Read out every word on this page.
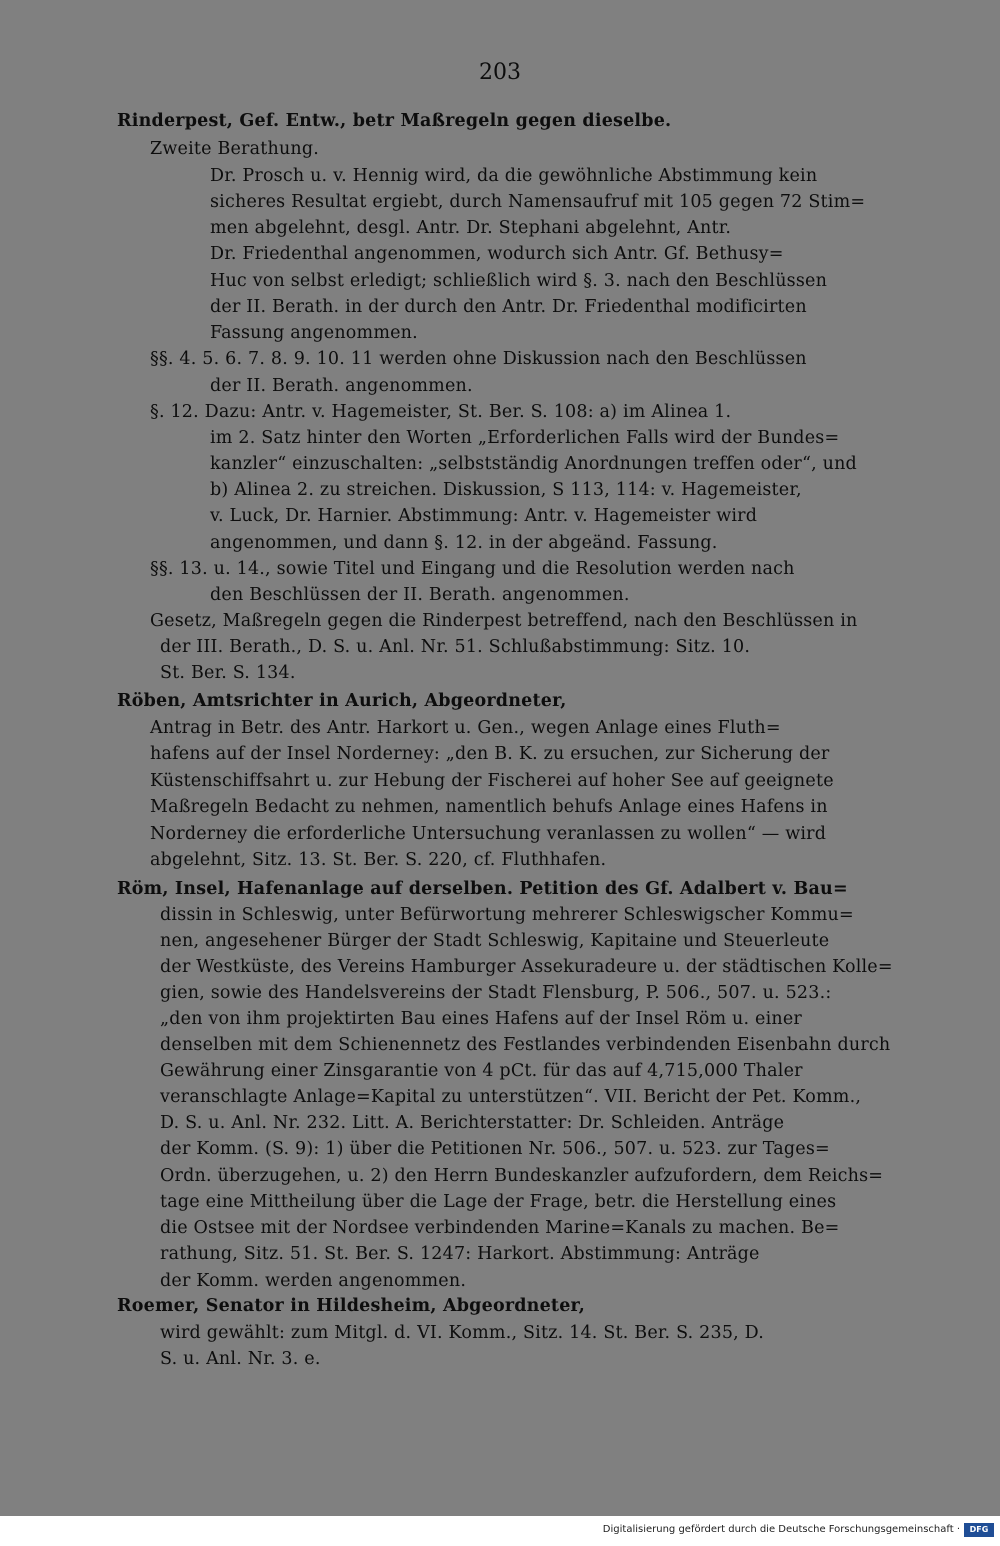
203
Rinderpest, Gef. Entw., betr Maßregeln gegen dieselbe.
Zweite Berathung.
Dr. Prosch u. v. Hennig wird, da die gewöhnliche Abstimmung kein
sicheres Resultat ergiebt, durch Namensaufruf mit 105 gegen 72 Stim=
men abgelehnt, desgl. Antr. Dr. Stephani abgelehnt, Antr.
Dr. Friedenthal angenommen, wodurch sich Antr. Gf. Bethusy=
Huc von selbst erledigt; schließlich wird §. 3. nach den Beschlüssen
der II. Berath. in der durch den Antr. Dr. Friedenthal modificirten
Fassung angenommen.
§§. 4. 5. 6. 7. 8. 9. 10. 11 werden ohne Diskussion nach den Beschlüssen
der II. Berath. angenommen.
§. 12. Dazu: Antr. v. Hagemeister, St. Ber. S. 108: a) im Alinea 1.
im 2. Satz hinter den Worten „Erforderlichen Falls wird der Bundes=
kanzler“ einzuschalten: „selbstständig Anordnungen treffen oder“, und
b) Alinea 2. zu streichen. Diskussion, S 113, 114: v. Hagemeister,
v. Luck, Dr. Harnier. Abstimmung: Antr. v. Hagemeister wird
angenommen, und dann §. 12. in der abgeänd. Fassung.
§§. 13. u. 14., sowie Titel und Eingang und die Resolution werden nach
den Beschlüssen der II. Berath. angenommen.
Gesetz, Maßregeln gegen die Rinderpest betreffend, nach den Beschlüssen in
der III. Berath., D. S. u. Anl. Nr. 51. Schlußabstimmung: Sitz. 10.
St. Ber. S. 134.
Röben, Amtsrichter in Aurich, Abgeordneter,
Antrag in Betr. des Antr. Harkort u. Gen., wegen Anlage eines Fluth=
hafens auf der Insel Norderney: „den B. K. zu ersuchen, zur Sicherung der
Küstenschiffsahrt u. zur Hebung der Fischerei auf hoher See auf geeignete
Maßregeln Bedacht zu nehmen, namentlich behufs Anlage eines Hafens in
Norderney die erforderliche Untersuchung veranlassen zu wollen“ — wird
abgelehnt, Sitz. 13. St. Ber. S. 220, cf. Fluthhafen.
Röm, Insel, Hafenanlage auf derselben. Petition des Gf. Adalbert v. Bau=
dissin in Schleswig, unter Befürwortung mehrerer Schleswigscher Kommu=
nen, angesehener Bürger der Stadt Schleswig, Kapitaine und Steuerleute
der Westküste, des Vereins Hamburger Assekuradeure u. der städtischen Kolle=
gien, sowie des Handelsvereins der Stadt Flensburg, P. 506., 507. u. 523.:
„den von ihm projektirten Bau eines Hafens auf der Insel Röm u. einer
denselben mit dem Schienennetz des Festlandes verbindenden Eisenbahn durch
Gewährung einer Zinsgarantie von 4 pCt. für das auf 4,715,000 Thaler
veranschlagte Anlage=Kapital zu unterstützen“. VII. Bericht der Pet. Komm.,
D. S. u. Anl. Nr. 232. Litt. A. Berichterstatter: Dr. Schleiden. Anträge
der Komm. (S. 9): 1) über die Petitionen Nr. 506., 507. u. 523. zur Tages=
Ordn. überzugehen, u. 2) den Herrn Bundeskanzler aufzufordern, dem Reichs=
tage eine Mittheilung über die Lage der Frage, betr. die Herstellung eines
die Ostsee mit der Nordsee verbindenden Marine=Kanals zu machen. Be=
rathung, Sitz. 51. St. Ber. S. 1247: Harkort. Abstimmung: Anträge
der Komm. werden angenommen.
Roemer, Senator in Hildesheim, Abgeordneter,
wird gewählt: zum Mitgl. d. VI. Komm., Sitz. 14. St. Ber. S. 235, D.
S. u. Anl. Nr. 3. e.
Digitalisierung gefördert durch die Deutsche Forschungsgemeinschaft ·	DFG
